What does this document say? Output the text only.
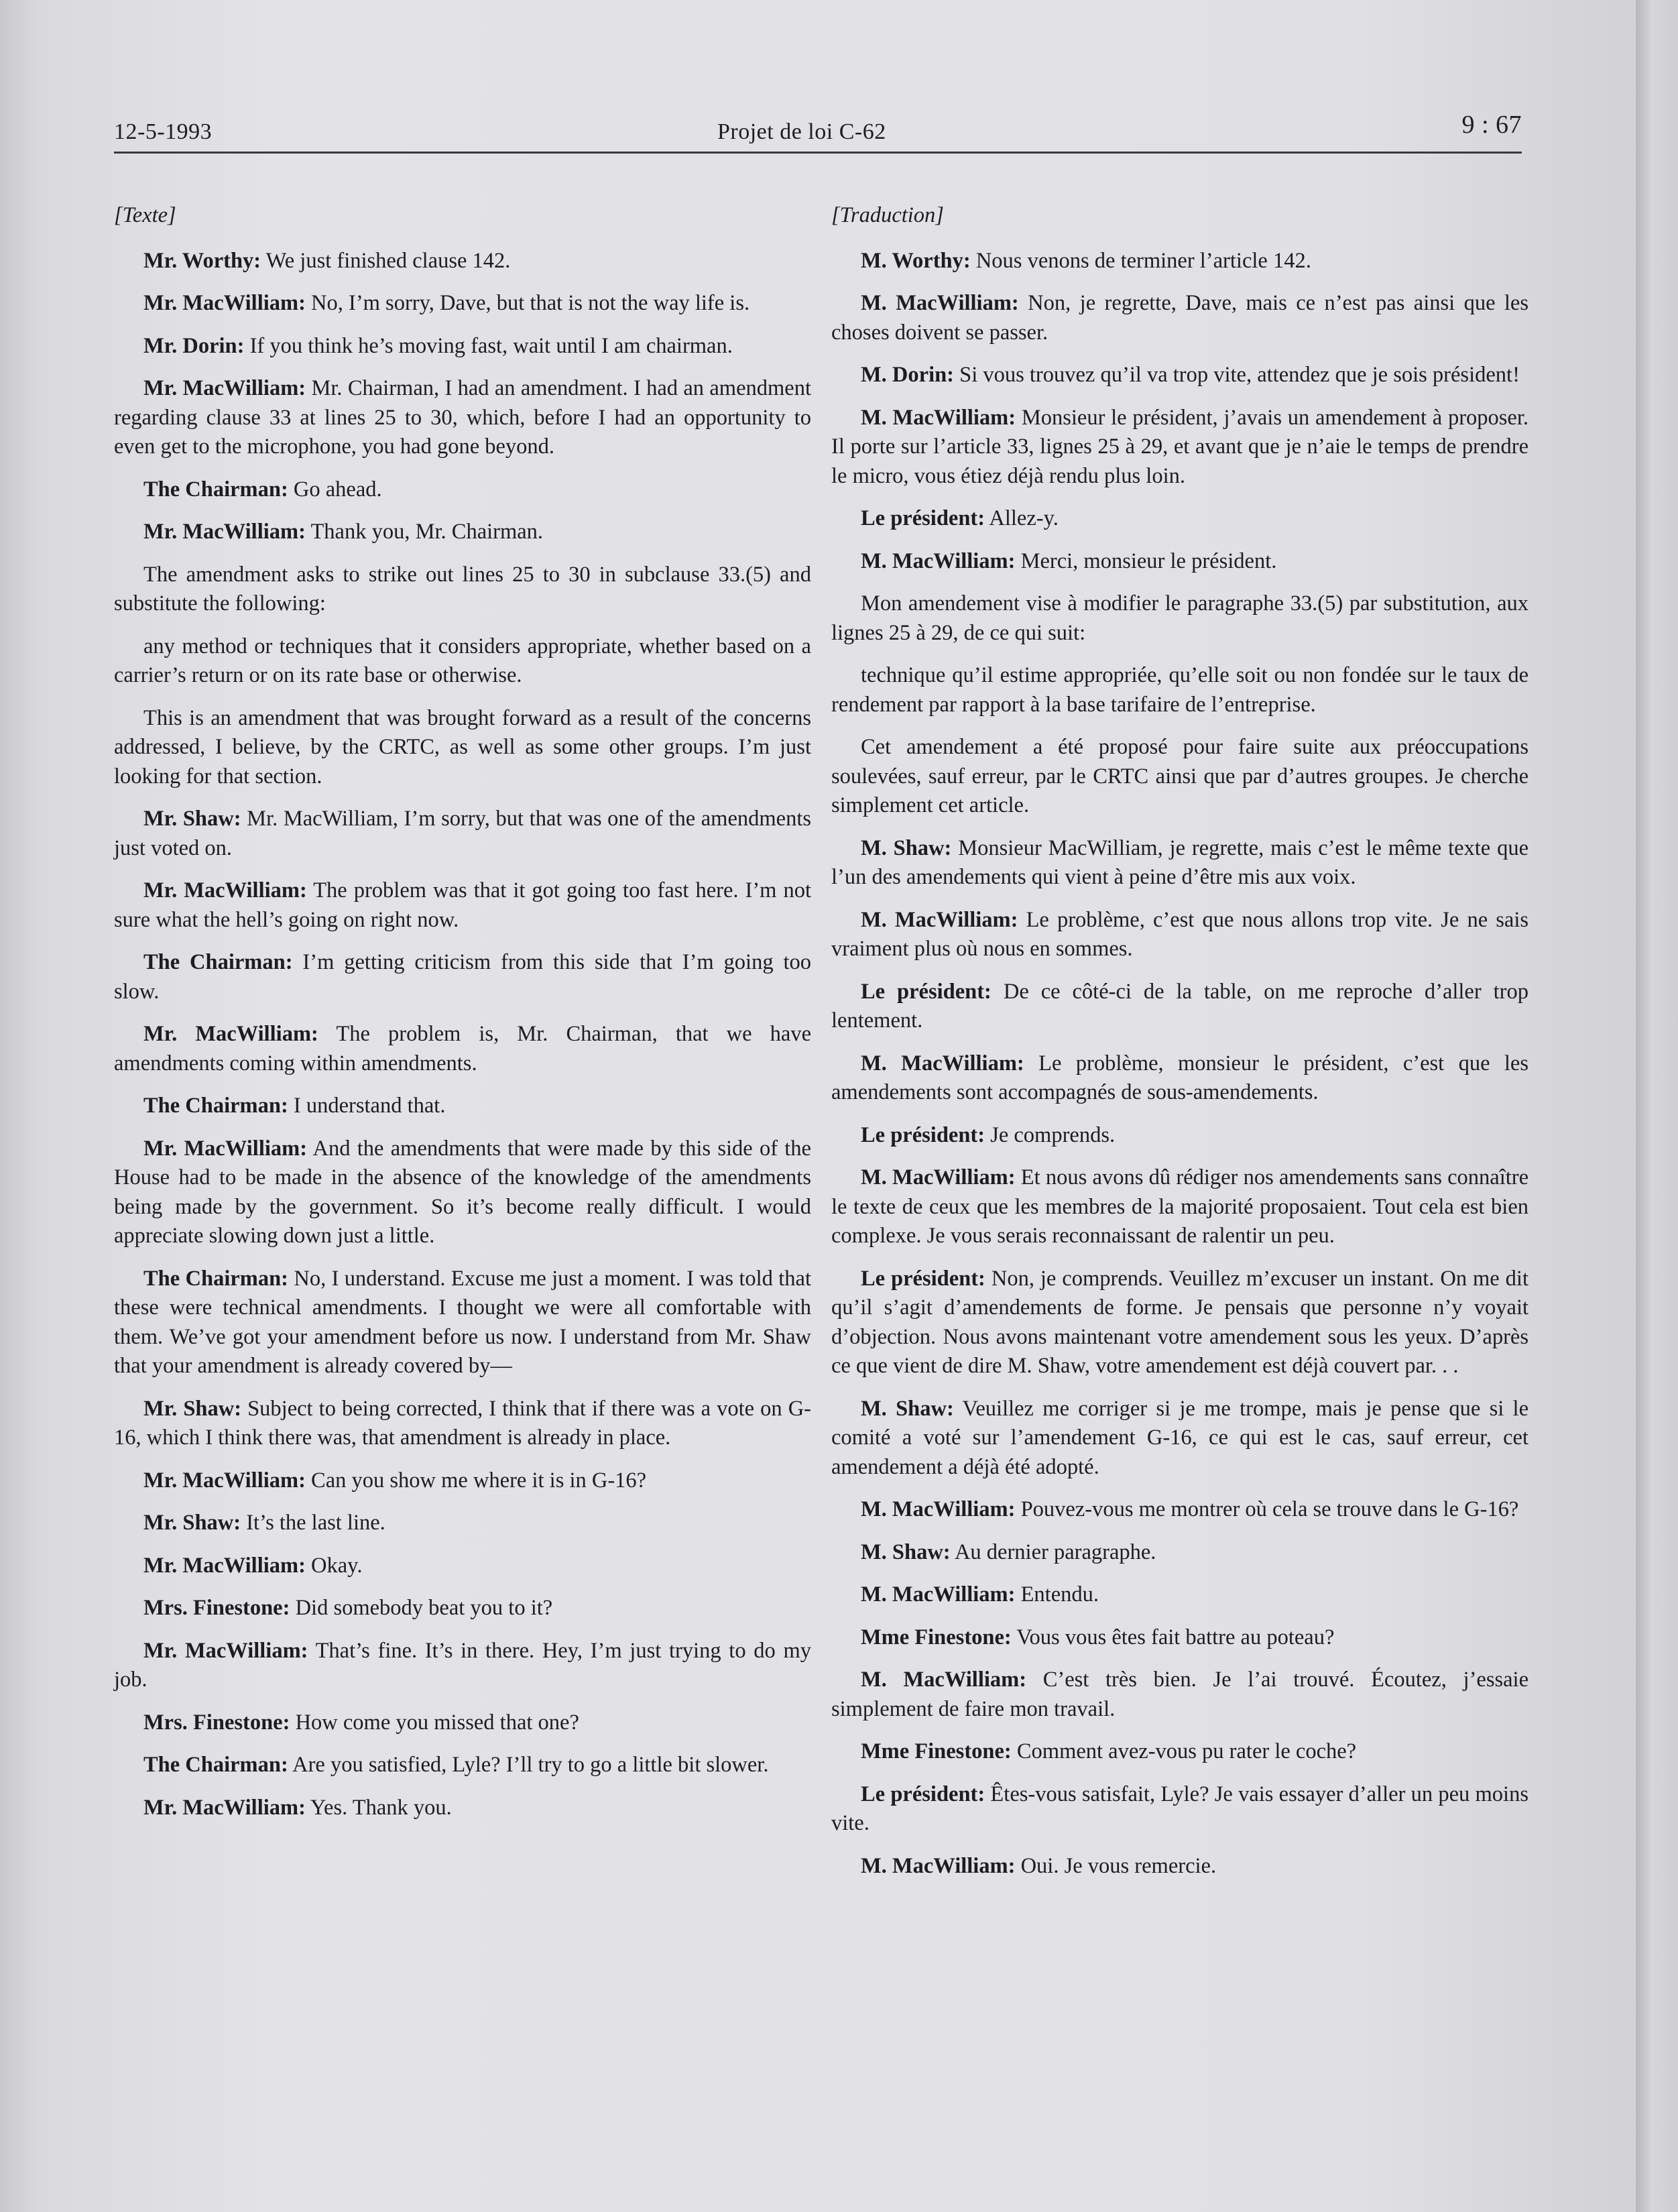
12-5-1993	Projet de loi C-62	9 : 67

[Texte]

Mr. Worthy: We just finished clause 142.

Mr. MacWilliam: No, I’m sorry, Dave, but that is not the way life is.

Mr. Dorin: If you think he’s moving fast, wait until I am chairman.

Mr. MacWilliam: Mr. Chairman, I had an amendment. I had an amendment regarding clause 33 at lines 25 to 30, which, before I had an opportunity to even get to the microphone, you had gone beyond.

The Chairman: Go ahead.

Mr. MacWilliam: Thank you, Mr. Chairman.

The amendment asks to strike out lines 25 to 30 in subclause 33.(5) and substitute the following:

any method or techniques that it considers appropriate, whether based on a carrier’s return or on its rate base or otherwise.

This is an amendment that was brought forward as a result of the concerns addressed, I believe, by the CRTC, as well as some other groups. I’m just looking for that section.

Mr. Shaw: Mr. MacWilliam, I’m sorry, but that was one of the amendments just voted on.

Mr. MacWilliam: The problem was that it got going too fast here. I’m not sure what the hell’s going on right now.

The Chairman: I’m getting criticism from this side that I’m going too slow.

Mr. MacWilliam: The problem is, Mr. Chairman, that we have amendments coming within amendments.

The Chairman: I understand that.

Mr. MacWilliam: And the amendments that were made by this side of the House had to be made in the absence of the knowledge of the amendments being made by the government. So it’s become really difficult. I would appreciate slowing down just a little.

The Chairman: No, I understand. Excuse me just a moment. I was told that these were technical amendments. I thought we were all comfortable with them. We’ve got your amendment before us now. I understand from Mr. Shaw that your amendment is already covered by—

Mr. Shaw: Subject to being corrected, I think that if there was a vote on G-16, which I think there was, that amendment is already in place.

Mr. MacWilliam: Can you show me where it is in G-16?

Mr. Shaw: It’s the last line.

Mr. MacWilliam: Okay.

Mrs. Finestone: Did somebody beat you to it?

Mr. MacWilliam: That’s fine. It’s in there. Hey, I’m just trying to do my job.

Mrs. Finestone: How come you missed that one?

The Chairman: Are you satisfied, Lyle? I’ll try to go a little bit slower.

Mr. MacWilliam: Yes. Thank you.

[Traduction]

M. Worthy: Nous venons de terminer l’article 142.

M. MacWilliam: Non, je regrette, Dave, mais ce n’est pas ainsi que les choses doivent se passer.

M. Dorin: Si vous trouvez qu’il va trop vite, attendez que je sois président!

M. MacWilliam: Monsieur le président, j’avais un amendement à proposer. Il porte sur l’article 33, lignes 25 à 29, et avant que je n’aie le temps de prendre le micro, vous étiez déjà rendu plus loin.

Le président: Allez-y.

M. MacWilliam: Merci, monsieur le président.

Mon amendement vise à modifier le paragraphe 33.(5) par substitution, aux lignes 25 à 29, de ce qui suit:

technique qu’il estime appropriée, qu’elle soit ou non fondée sur le taux de rendement par rapport à la base tarifaire de l’entreprise.

Cet amendement a été proposé pour faire suite aux préoccupations soulevées, sauf erreur, par le CRTC ainsi que par d’autres groupes. Je cherche simplement cet article.

M. Shaw: Monsieur MacWilliam, je regrette, mais c’est le même texte que l’un des amendements qui vient à peine d’être mis aux voix.

M. MacWilliam: Le problème, c’est que nous allons trop vite. Je ne sais vraiment plus où nous en sommes.

Le président: De ce côté-ci de la table, on me reproche d’aller trop lentement.

M. MacWilliam: Le problème, monsieur le président, c’est que les amendements sont accompagnés de sous-amendements.

Le président: Je comprends.

M. MacWilliam: Et nous avons dû rédiger nos amendements sans connaître le texte de ceux que les membres de la majorité proposaient. Tout cela est bien complexe. Je vous serais reconnaissant de ralentir un peu.

Le président: Non, je comprends. Veuillez m’excuser un instant. On me dit qu’il s’agit d’amendements de forme. Je pensais que personne n’y voyait d’objection. Nous avons maintenant votre amendement sous les yeux. D’après ce que vient de dire M. Shaw, votre amendement est déjà couvert par. . .

M. Shaw: Veuillez me corriger si je me trompe, mais je pense que si le comité a voté sur l’amendement G-16, ce qui est le cas, sauf erreur, cet amendement a déjà été adopté.

M. MacWilliam: Pouvez-vous me montrer où cela se trouve dans le G-16?

M. Shaw: Au dernier paragraphe.

M. MacWilliam: Entendu.

Mme Finestone: Vous vous êtes fait battre au poteau?

M. MacWilliam: C’est très bien. Je l’ai trouvé. Écoutez, j’essaie simplement de faire mon travail.

Mme Finestone: Comment avez-vous pu rater le coche?

Le président: Êtes-vous satisfait, Lyle? Je vais essayer d’aller un peu moins vite.

M. MacWilliam: Oui. Je vous remercie.
